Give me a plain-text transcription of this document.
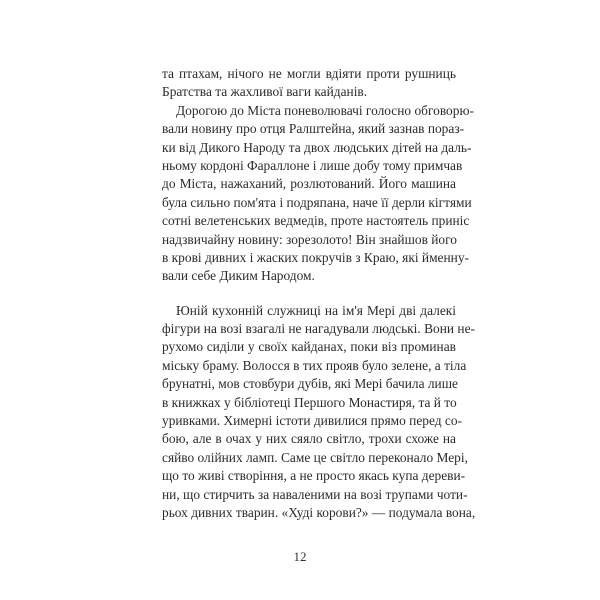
та птахам, нічого не могли вдіяти проти рушниць
Братства та жахливої ваги кайданів.
Дорогою до Міста поневолювачі голосно обговорю-
вали новину про отця Ралштейна, який зазнав пораз-
ки від Дикого Народу та двох людських дітей на даль-
ньому кордоні Фараллоне і лише добу тому примчав
до Міста, нажаханий, розлютований. Його машина
була сильно пом'ята і подряпана, наче її дерли кігтями
сотні велетенських ведмедів, проте настоятель приніс
надзвичайну новину: зорезолото! Він знайшов його
в крові дивних і жаских покручів з Краю, які йменну-
вали себе Диким Народом.
Юній кухонній служниці на ім'я Мері дві далекі
фігури на возі взагалі не нагадували людські. Вони не-
рухомо сиділи у своїх кайданах, поки віз проминав
міську браму. Волосся в тих прояв було зелене, а тіла
брунатні, мов стовбури дубів, які Мері бачила лише
в книжках у бібліотеці Першого Монастиря, та й то
уривками. Химерні істоти дивилися прямо перед со-
бою, але в очах у них сяяло світло, трохи схоже на
сяйво олійних ламп. Саме це світло переконало Мері,
що то живі створіння, а не просто якась купа дереви-
ни, що стирчить за наваленими на возі трупами чоти-
рьох дивних тварин. «Худі корови?» — подумала вона,
12
